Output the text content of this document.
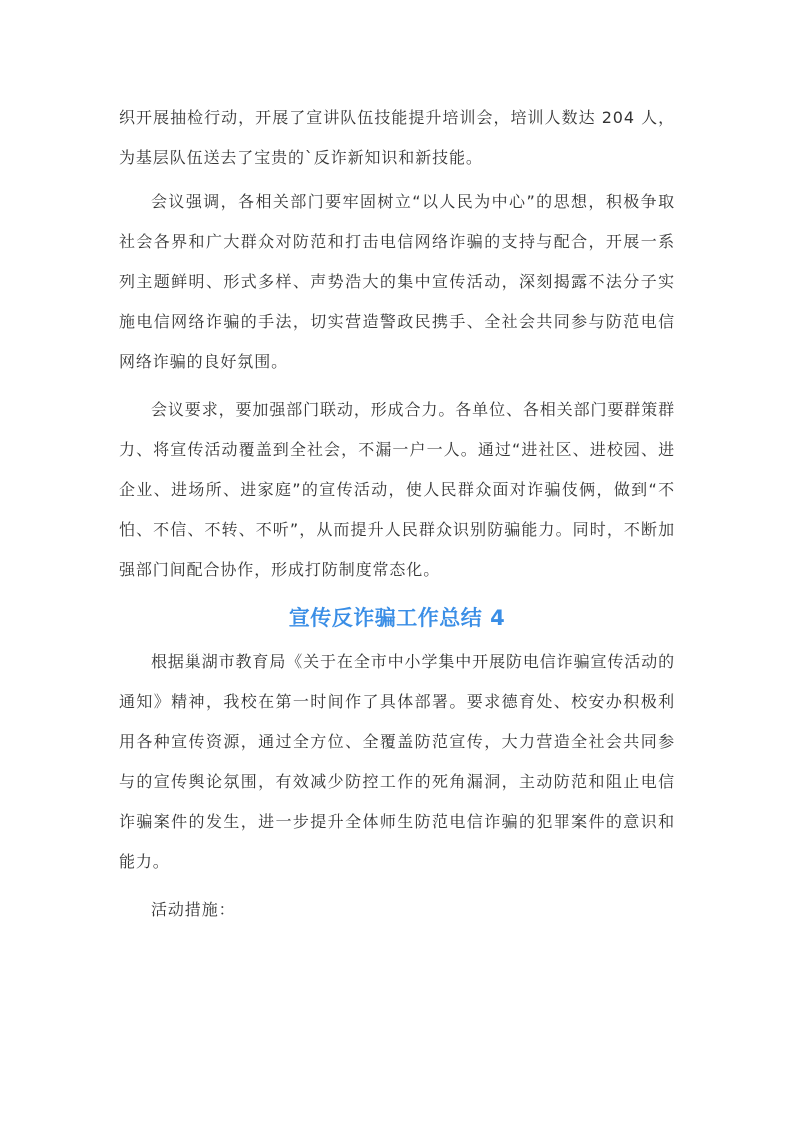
织开展抽检行动，开展了宣讲队伍技能提升培训会，培训人数达 204 人，为基层队伍送去了宝贵的`反诈新知识和新技能。

会议强调，各相关部门要牢固树立“以人民为中心”的思想，积极争取社会各界和广大群众对防范和打击电信网络诈骗的支持与配合，开展一系列主题鲜明、形式多样、声势浩大的集中宣传活动，深刻揭露不法分子实施电信网络诈骗的手法，切实营造警政民携手、全社会共同参与防范电信网络诈骗的良好氛围。

会议要求，要加强部门联动，形成合力。各单位、各相关部门要群策群力、将宣传活动覆盖到全社会，不漏一户一人。通过“进社区、进校园、进企业、进场所、进家庭”的宣传活动，使人民群众面对诈骗伎俩，做到“不怕、不信、不转、不听”，从而提升人民群众识别防骗能力。同时，不断加强部门间配合协作，形成打防制度常态化。

宣传反诈骗工作总结 4

根据巢湖市教育局《关于在全市中小学集中开展防电信诈骗宣传活动的通知》精神，我校在第一时间作了具体部署。要求德育处、校安办积极利用各种宣传资源，通过全方位、全覆盖防范宣传，大力营造全社会共同参与的宣传舆论氛围，有效减少防控工作的死角漏洞，主动防范和阻止电信诈骗案件的发生，进一步提升全体师生防范电信诈骗的犯罪案件的意识和能力。

活动措施：
